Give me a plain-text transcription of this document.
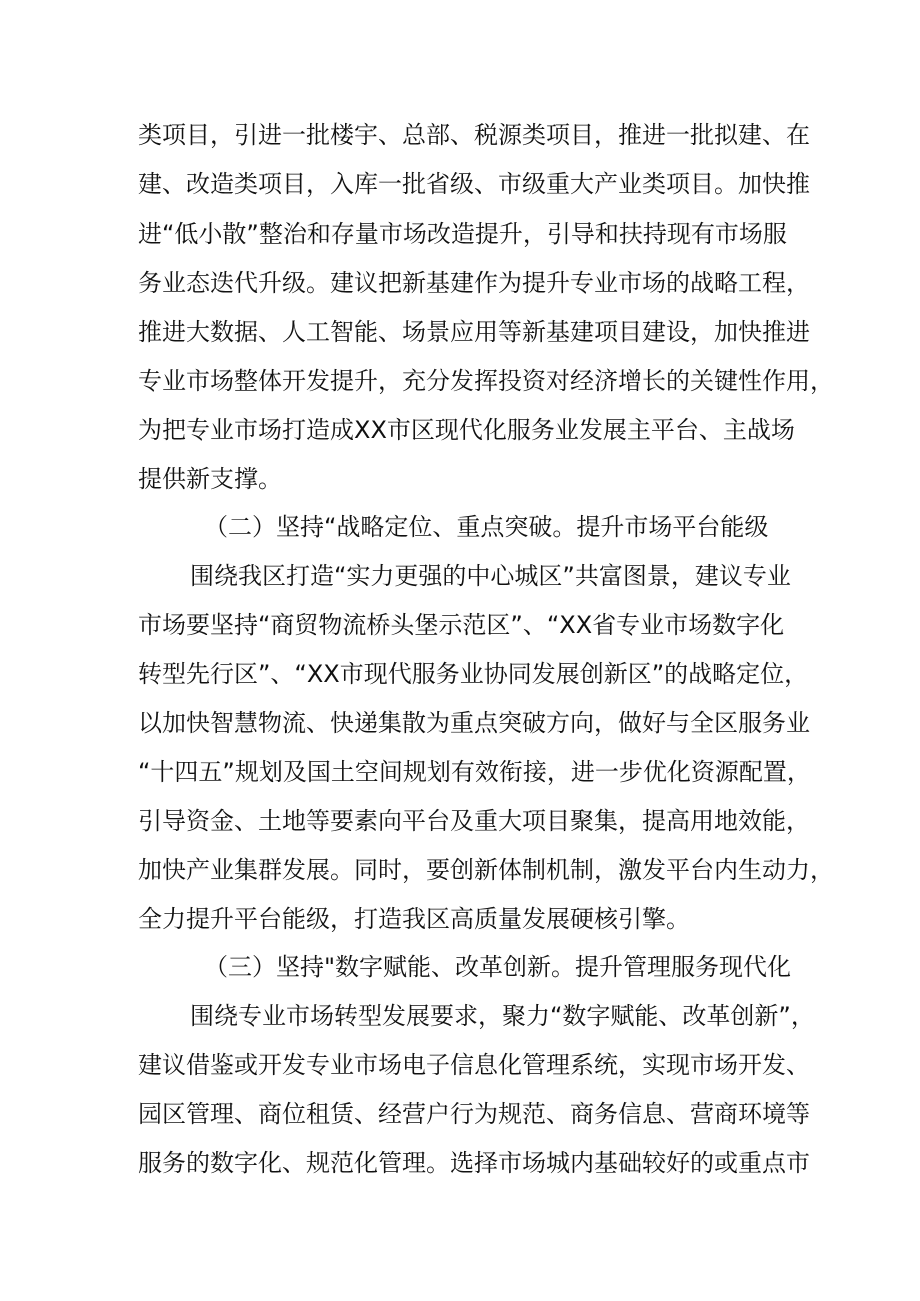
类项目，引进一批楼宇、总部、税源类项目，推进一批拟建、在
建、改造类项目，入库一批省级、市级重大产业类项目。加快推
进“低小散”整治和存量市场改造提升，引导和扶持现有市场服
务业态迭代升级。建议把新基建作为提升专业市场的战略工程，
推进大数据、人工智能、场景应用等新基建项目建设，加快推进
专业市场整体开发提升，充分发挥投资对经济增长的关键性作用，
为把专业市场打造成XX市区现代化服务业发展主平台、主战场
提供新支撑。
（二）坚持“战略定位、重点突破。提升市场平台能级
围绕我区打造“实力更强的中心城区”共富图景，建议专业
市场要坚持“商贸物流桥头堡示范区”、“XX省专业市场数字化
转型先行区”、“XX市现代服务业协同发展创新区”的战略定位，
以加快智慧物流、快递集散为重点突破方向，做好与全区服务业
“十四五”规划及国土空间规划有效衔接，进一步优化资源配置，
引导资金、土地等要素向平台及重大项目聚集，提高用地效能，
加快产业集群发展。同时，要创新体制机制，激发平台内生动力，
全力提升平台能级，打造我区高质量发展硬核引擎。
（三）坚持"数字赋能、改革创新。提升管理服务现代化
围绕专业市场转型发展要求，聚力“数字赋能、改革创新”，
建议借鉴或开发专业市场电子信息化管理系统，实现市场开发、
园区管理、商位租赁、经营户行为规范、商务信息、营商环境等
服务的数字化、规范化管理。选择市场城内基础较好的或重点市
